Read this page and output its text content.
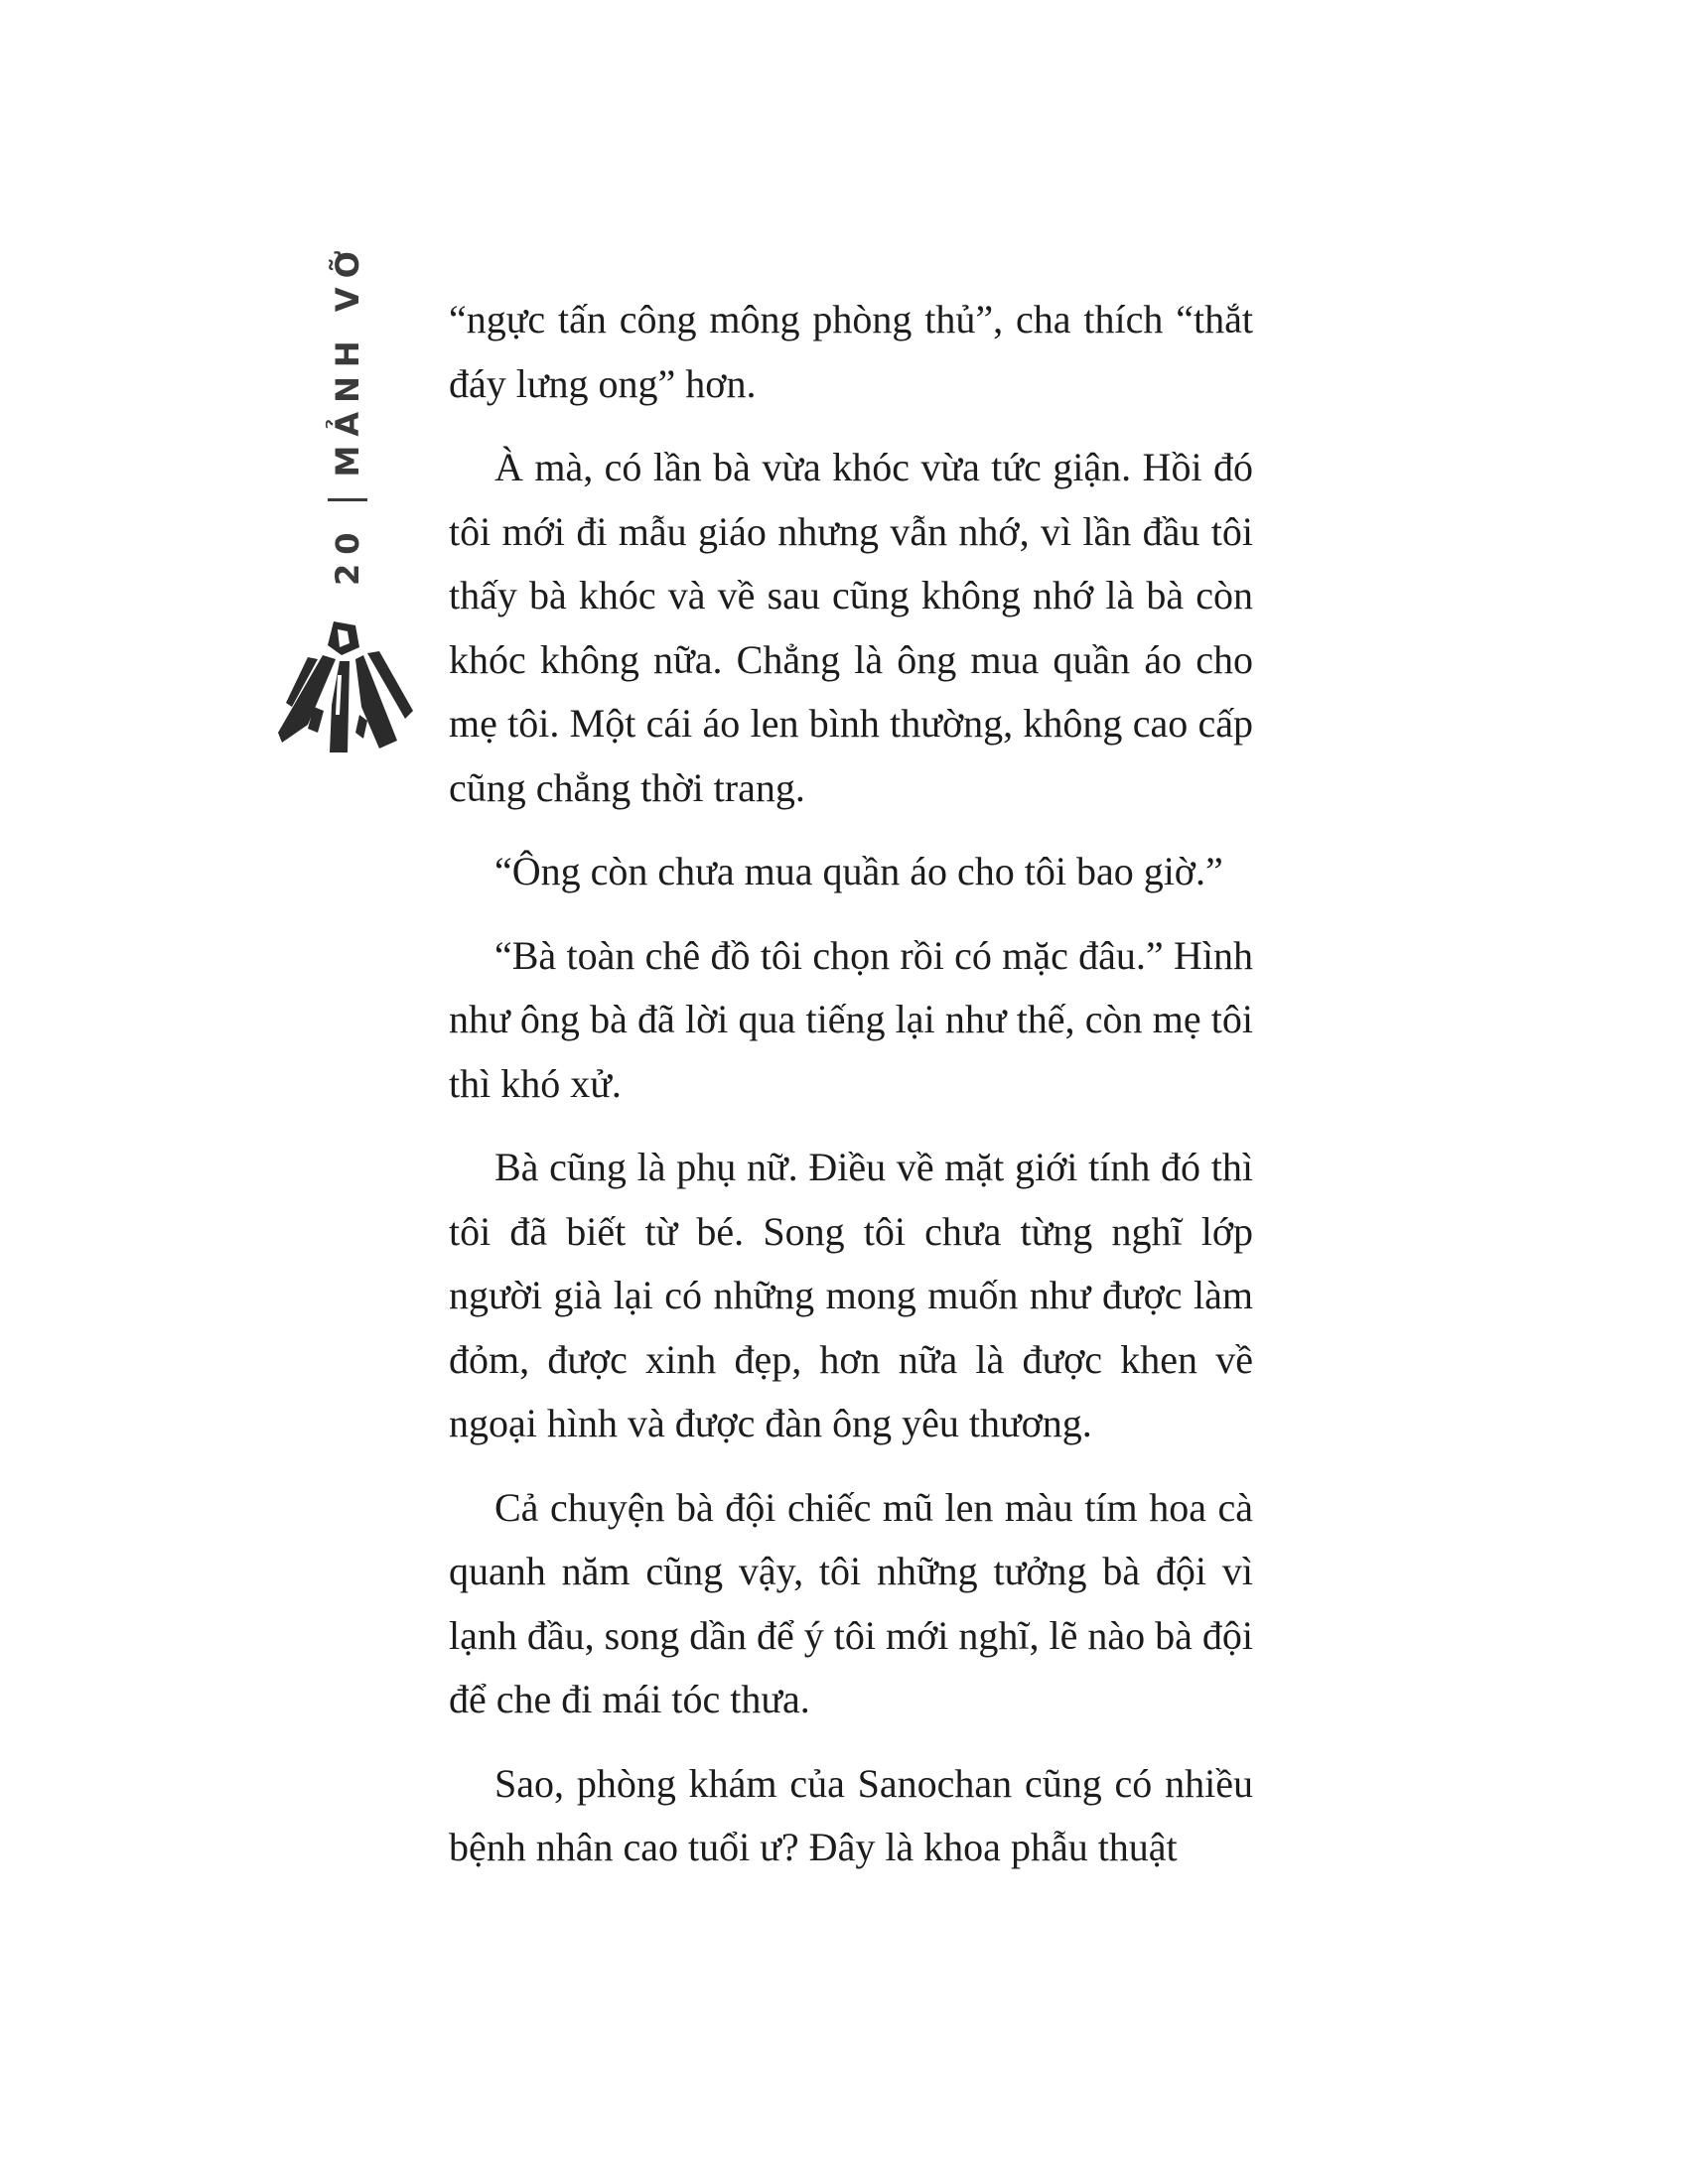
20
MẢNH VỠ “ngực tấn công mông phòng thủ”, cha thích “thắt đáy lưng ong” hơn.

À mà, có lần bà vừa khóc vừa tức giận. Hồi đó tôi mới đi mẫu giáo nhưng vẫn nhớ, vì lần đầu tôi thấy bà khóc và về sau cũng không nhớ là bà còn khóc không nữa. Chẳng là ông mua quần áo cho mẹ tôi. Một cái áo len bình thường, không cao cấp cũng chẳng thời trang.

“Ông còn chưa mua quần áo cho tôi bao giờ.”

“Bà toàn chê đồ tôi chọn rồi có mặc đâu.” Hình như ông bà đã lời qua tiếng lại như thế, còn mẹ tôi thì khó xử.

Bà cũng là phụ nữ. Điều về mặt giới tính đó thì tôi đã biết từ bé. Song tôi chưa từng nghĩ lớp người già lại có những mong muốn như được làm đỏm, được xinh đẹp, hơn nữa là được khen về ngoại hình và được đàn ông yêu thương.

Cả chuyện bà đội chiếc mũ len màu tím hoa cà quanh năm cũng vậy, tôi những tưởng bà đội vì lạnh đầu, song dần để ý tôi mới nghĩ, lẽ nào bà đội để che đi mái tóc thưa.

Sao, phòng khám của Sanochan cũng có nhiều bệnh nhân cao tuổi ư? Đây là khoa phẫu thuật
